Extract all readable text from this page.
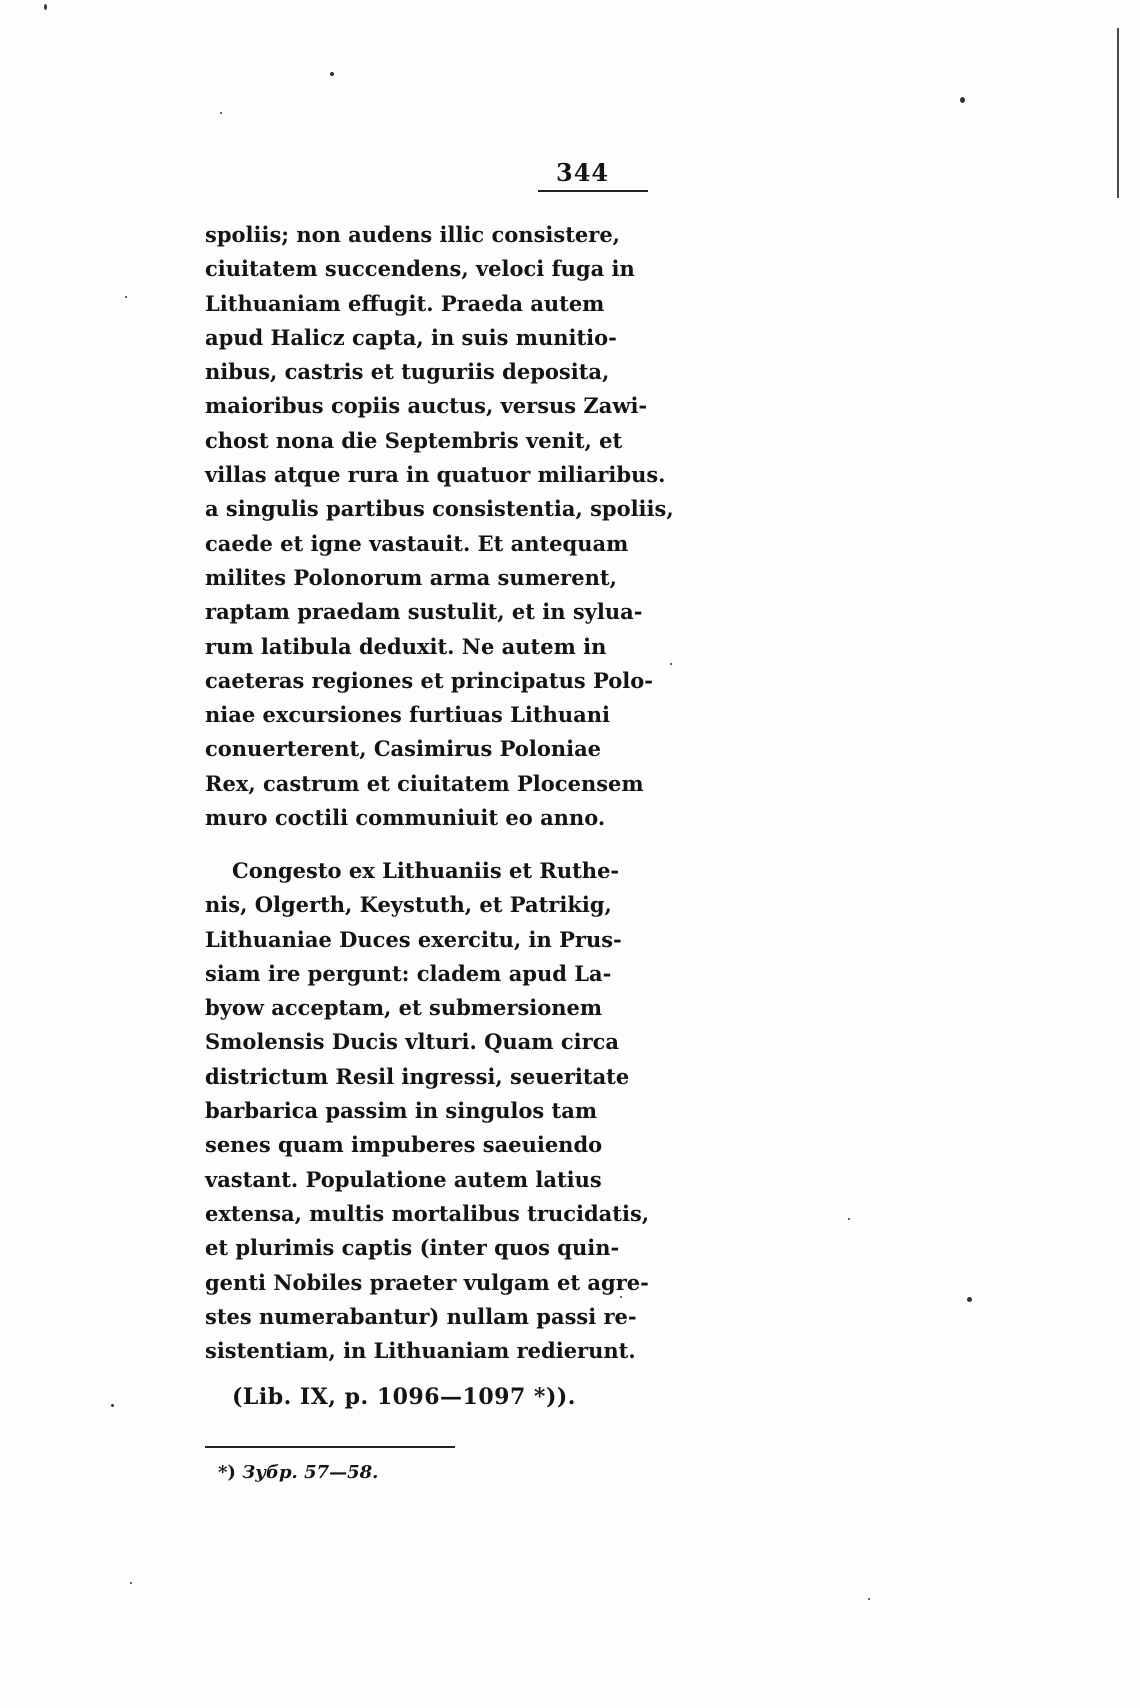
344
spoliis; non audens illic consistere,
ciuitatem succendens, veloci fuga in
Lithuaniam effugit. Praeda autem
apud Halicz capta, in suis munitio-
nibus, castris et tuguriis deposita,
maioribus copiis auctus, versus Zawi-
chost nona die Septembris venit, et
villas atque rura in quatuor miliaribus.
a singulis partibus consistentia, spoliis,
caede et igne vastauit. Et antequam
milites Polonorum arma sumerent,
raptam praedam sustulit, et in sylua-
rum latibula deduxit. Ne autem in
caeteras regiones et principatus Polo-
niae excursiones furtiuas Lithuani
conuerterent, Casimirus Poloniae
Rex, castrum et ciuitatem Plocensem
muro coctili communiuit eo anno.
Congesto ex Lithuaniis et Ruthe-
nis, Olgerth, Keystuth, et Patrikig,
Lithuaniae Duces exercitu, in Prus-
siam ire pergunt: cladem apud La-
byow acceptam, et submersionem
Smolensis Ducis vlturi. Quam circa
districtum Resil ingressi, seueritate
barbarica passim in singulos tam
senes quam impuberes saeuiendo
vastant. Populatione autem latius
extensa, multis mortalibus trucidatis,
et plurimis captis (inter quos quin-
genti Nobiles praeter vulgam et agre-
stes numerabantur) nullam passi re-
sistentiam, in Lithuaniam redierunt.
(Lib. IX, p. 1096—1097 *)).
*) Зубр. 57—58.
